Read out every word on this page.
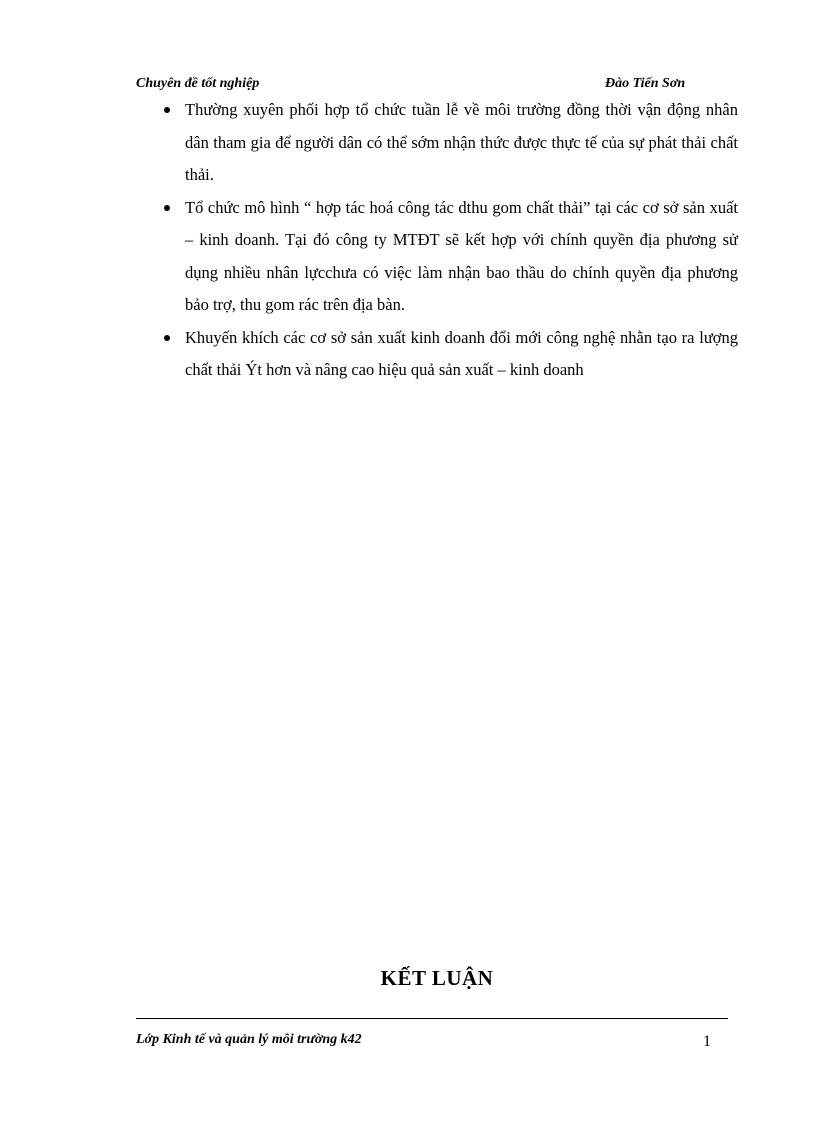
Chuyên đề tốt nghiệp	Đào Tiến Sơn
Thường xuyên phối hợp tổ chức tuần lễ về môi trường đồng thời vận động nhân dân tham gia để người dân có thể sớm nhận thức được thực tế của sự phát thải chất thải.
Tổ chức mô hình “ hợp tác hoá công tác dthu gom chất thải” tại các cơ sở sản xuất – kinh doanh. Tại đó công ty MTĐT sẽ kết hợp với chính quyền địa phương sử dụng nhiều nhân lựcchưa có việc làm nhận bao thầu do chính quyền địa phương bảo trợ, thu gom rác trên địa bàn.
Khuyến khích các cơ sở sản xuất kinh doanh đổi mới công nghệ nhằn tạo ra lượng chất thải Ýt hơn và nâng cao hiệu quả sản xuất – kinh doanh
KẾT LUẬN
Lớp Kinh tế và quản lý môi trường k42	1
